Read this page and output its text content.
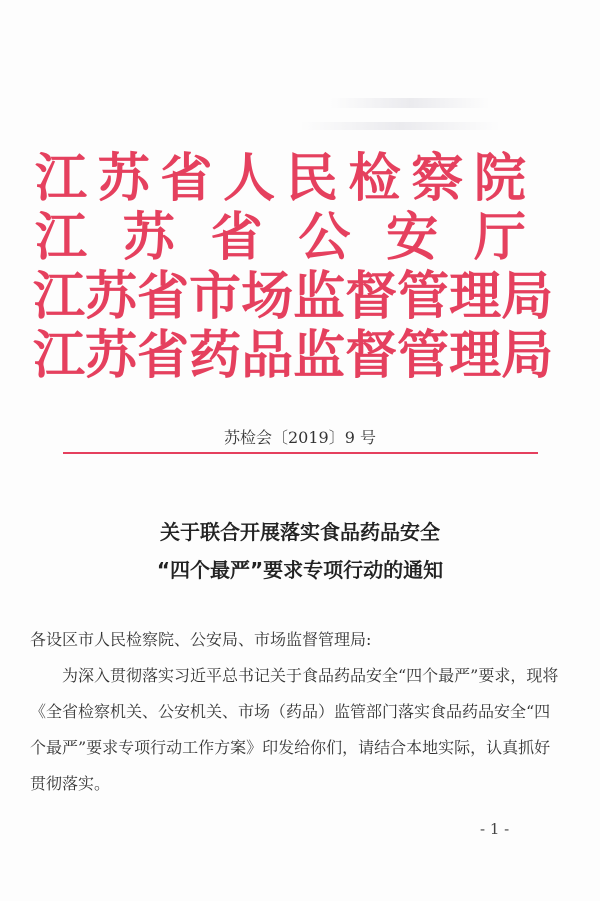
江 苏 省 人 民 检 察 院
江 苏 省 公 安 厅
江 苏 省 市 场 监 督 管 理 局
江 苏 省 药 品 监 督 管 理 局
苏检会〔2019〕9 号
关于联合开展落实食品药品安全
“四个最严”要求专项行动的通知

各设区市人民检察院、公安局、市场监督管理局:

为深入贯彻落实习近平总书记关于食品药品安全“四个最严”要求，现将《全省检察机关、公安机关、市场（药品）监管部门落实食品药品安全“四个最严”要求专项行动工作方案》印发给你们，请结合本地实际，认真抓好贯彻落实。

- 1 -
